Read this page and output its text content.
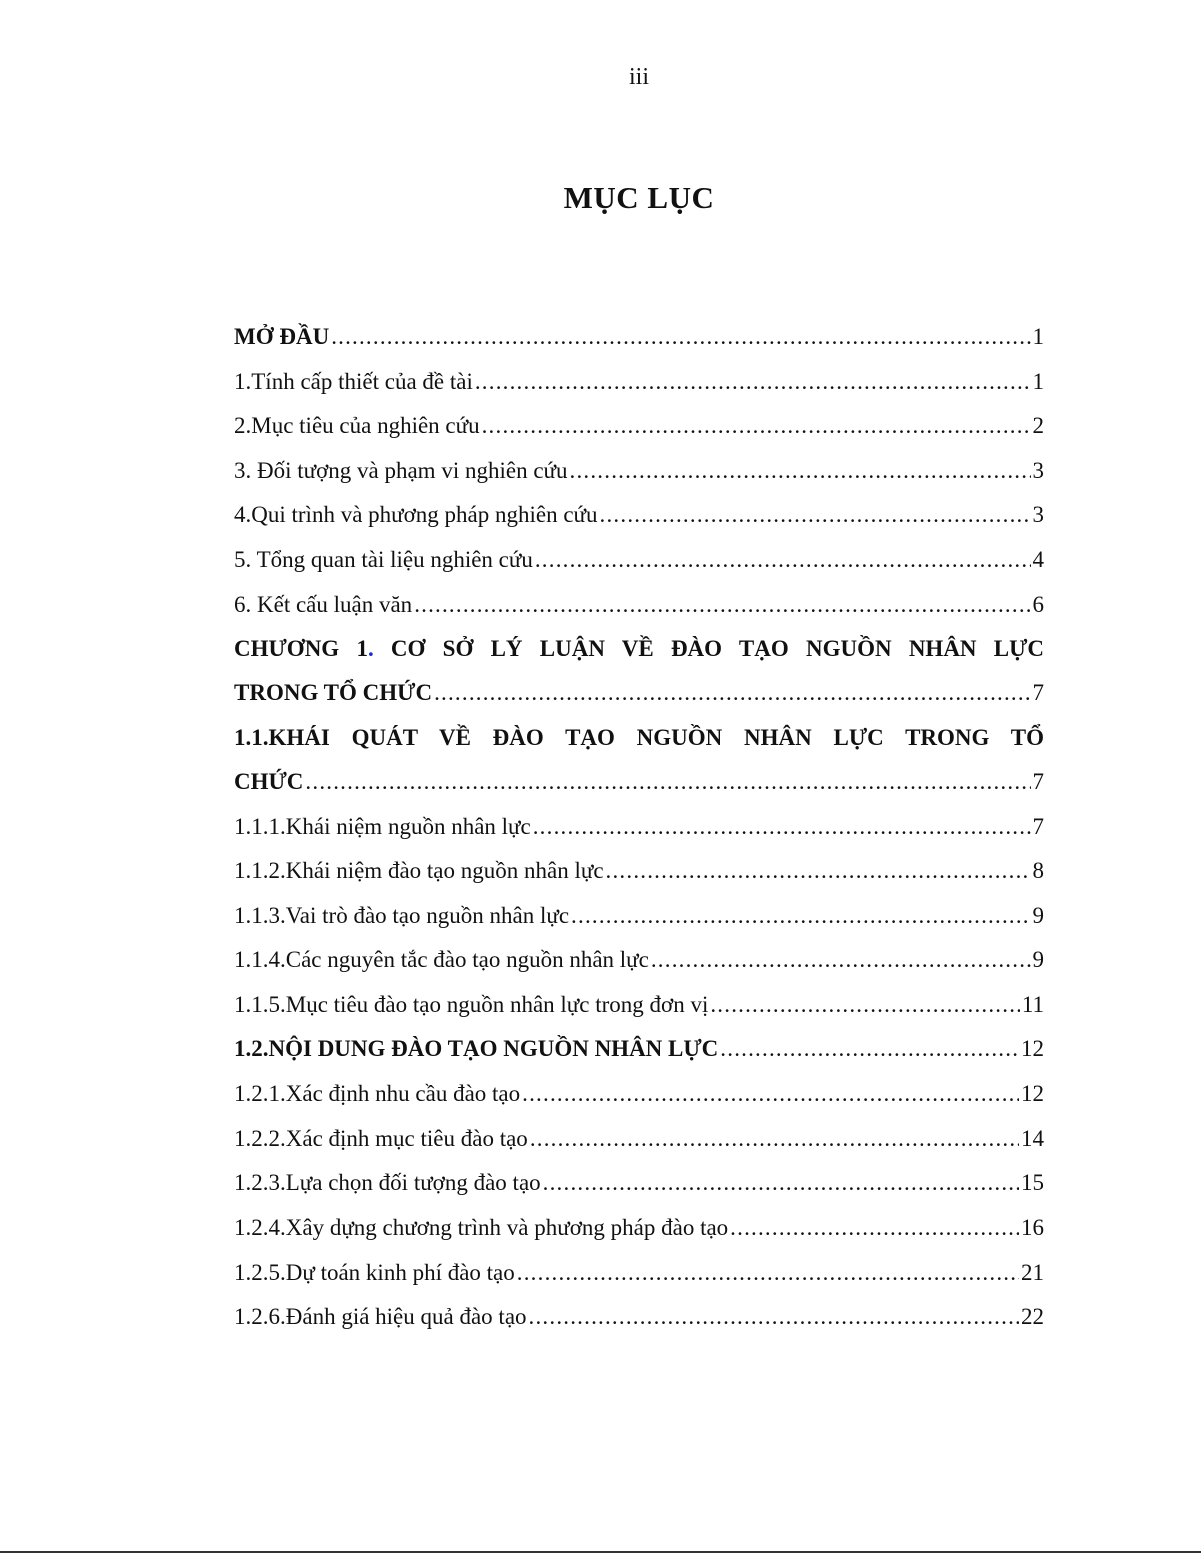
iii
MỤC LỤC
MỞ ĐẦU .....	1
1.Tính cấp thiết của đề tài .....	1
2.Mục tiêu của nghiên cứu .....	2
3. Đối tượng và phạm vi nghiên cứu .....	3
4.Qui trình và phương pháp nghiên cứu .....	3
5. Tổng quan tài liệu nghiên cứu .....	4
6. Kết cấu luận văn .....	6
CHƯƠNG 1. CƠ SỞ LÝ LUẬN VỀ ĐÀO TẠO NGUỒN NHÂN LỰC
TRONG TỔ CHỨC .....	7
1.1.KHÁI QUÁT VỀ ĐÀO TẠO NGUỒN NHÂN LỰC TRONG TỔ
CHỨC .....	7
1.1.1.Khái niệm nguồn nhân lực .....	7
1.1.2.Khái niệm đào tạo nguồn nhân lực .....	8
1.1.3.Vai trò đào tạo nguồn nhân lực .....	9
1.1.4.Các nguyên tắc đào tạo nguồn nhân lực .....	9
1.1.5.Mục tiêu đào tạo nguồn nhân lực trong đơn vị .....	11
1.2.NỘI DUNG ĐÀO TẠO NGUỒN NHÂN LỰC .....	12
1.2.1.Xác định nhu cầu đào tạo .....	12
1.2.2.Xác định mục tiêu đào tạo .....	14
1.2.3.Lựa chọn đối tượng đào tạo .....	15
1.2.4.Xây dựng chương trình và phương pháp đào tạo .....	16
1.2.5.Dự toán kinh phí đào tạo .....	21
1.2.6.Đánh giá hiệu quả đào tạo .....	22
